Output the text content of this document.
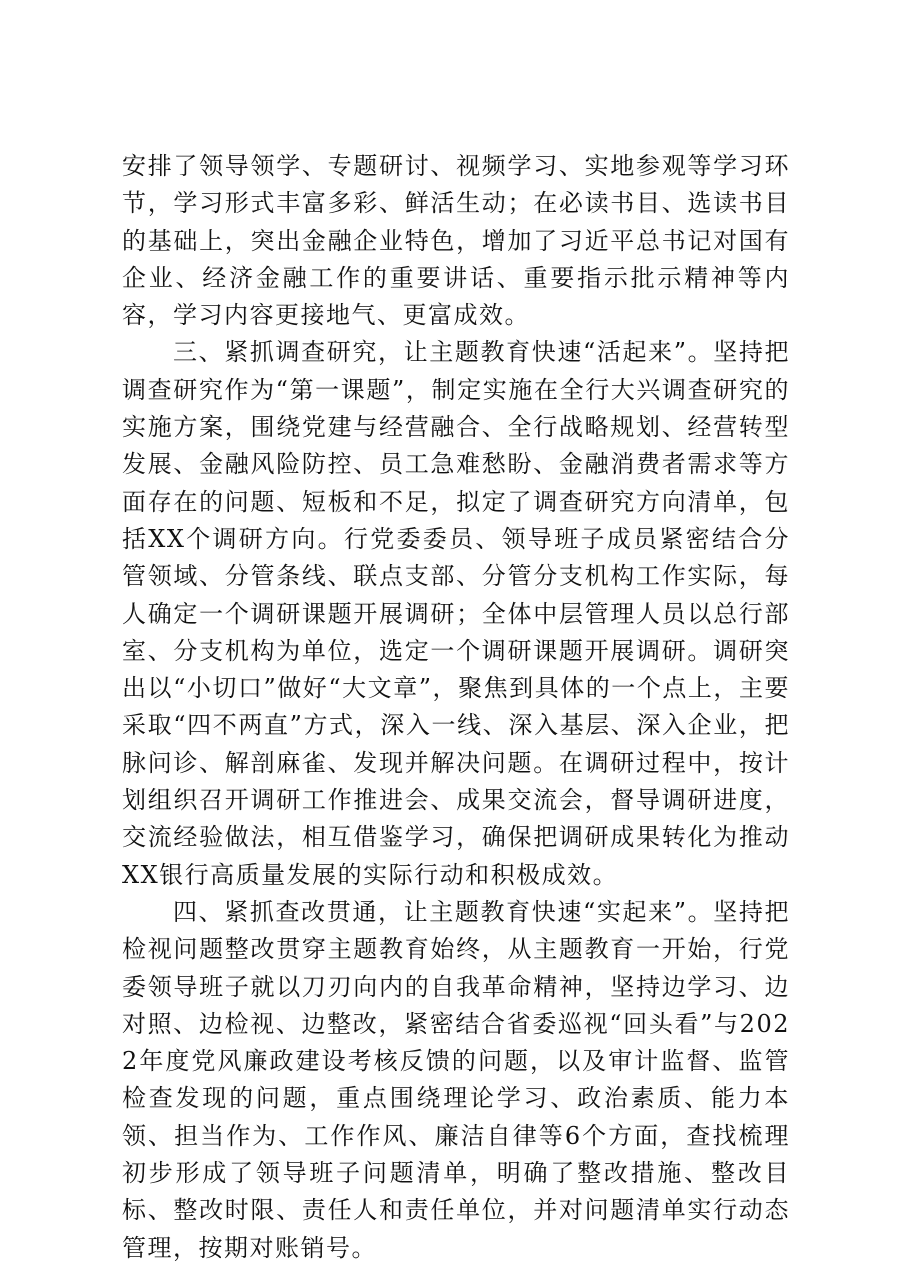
安排了领导领学、专题研讨、视频学习、实地参观等学习环节，学习形式丰富多彩、鲜活生动；在必读书目、选读书目的基础上，突出金融企业特色，增加了习近平总书记对国有企业、经济金融工作的重要讲话、重要指示批示精神等内容，学习内容更接地气、更富成效。

三、紧抓调查研究，让主题教育快速“活起来”。坚持把调查研究作为“第一课题”，制定实施在全行大兴调查研究的实施方案，围绕党建与经营融合、全行战略规划、经营转型发展、金融风险防控、员工急难愁盼、金融消费者需求等方面存在的问题、短板和不足，拟定了调查研究方向清单，包括XX个调研方向。行党委委员、领导班子成员紧密结合分管领域、分管条线、联点支部、分管分支机构工作实际，每人确定一个调研课题开展调研；全体中层管理人员以总行部室、分支机构为单位，选定一个调研课题开展调研。调研突出以“小切口”做好“大文章”，聚焦到具体的一个点上，主要采取“四不两直”方式，深入一线、深入基层、深入企业，把脉问诊、解剖麻雀、发现并解决问题。在调研过程中，按计划组织召开调研工作推进会、成果交流会，督导调研进度，交流经验做法，相互借鉴学习，确保把调研成果转化为推动XX银行高质量发展的实际行动和积极成效。

四、紧抓查改贯通，让主题教育快速“实起来”。坚持把检视问题整改贯穿主题教育始终，从主题教育一开始，行党委领导班子就以刀刃向内的自我革命精神，坚持边学习、边对照、边检视、边整改，紧密结合省委巡视“回头看”与2022年度党风廉政建设考核反馈的问题，以及审计监督、监管检查发现的问题，重点围绕理论学习、政治素质、能力本领、担当作为、工作作风、廉洁自律等6个方面，查找梳理初步形成了领导班子问题清单，明确了整改措施、整改目标、整改时限、责任人和责任单位，并对问题清单实行动态管理，按期对账销号。
